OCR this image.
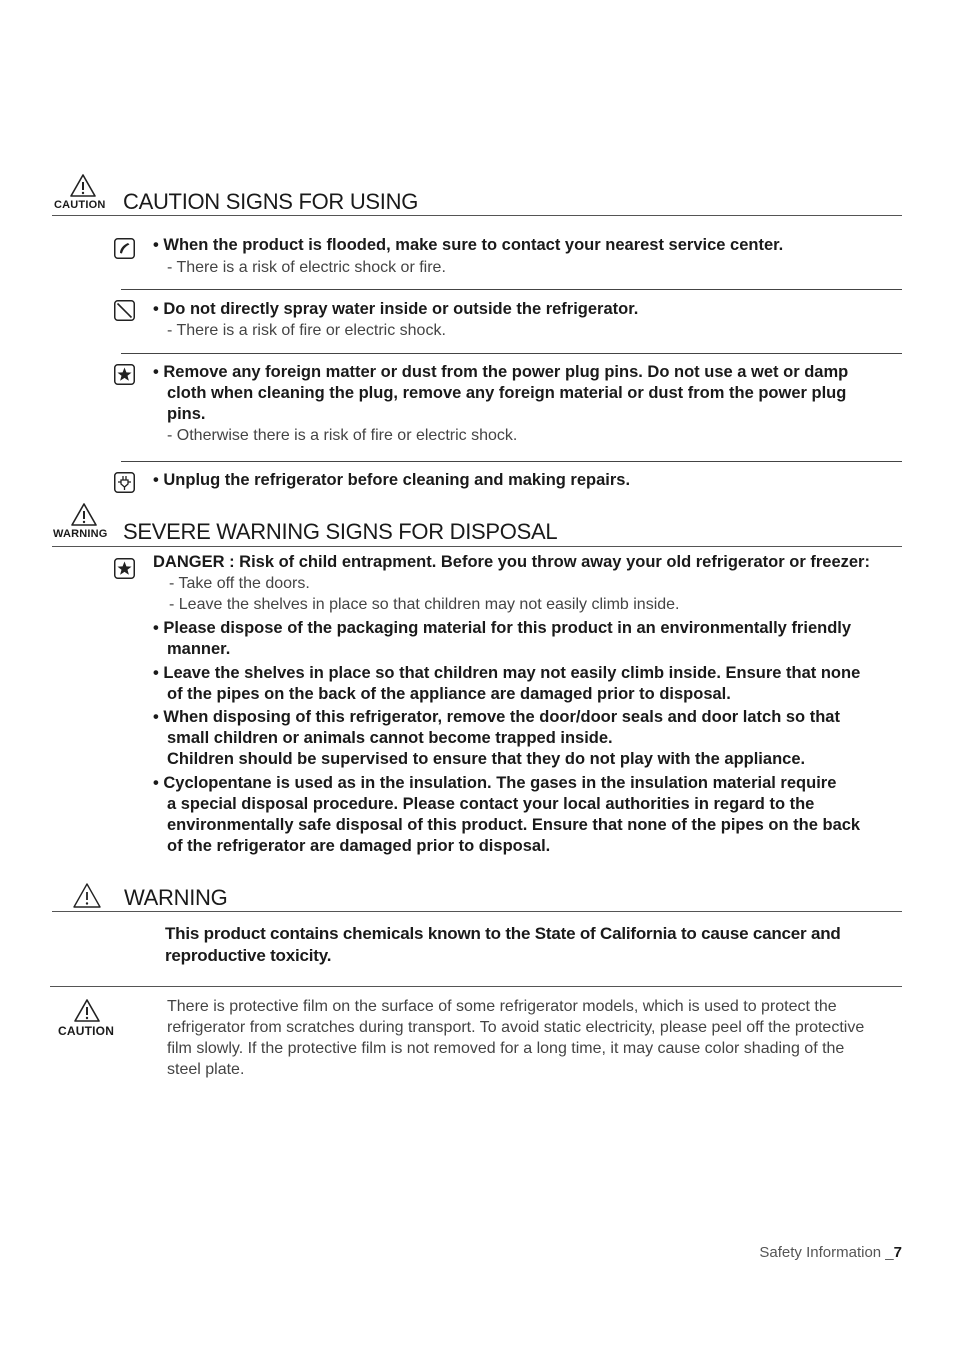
CAUTION CAUTION SIGNS FOR USING
• When the product is flooded, make sure to contact your nearest service center.
- There is a risk of electric shock or fire.
• Do not directly spray water inside or outside the refrigerator.
- There is a risk of fire or electric shock.
• Remove any foreign matter or dust from the power plug pins. Do not use a wet or damp
cloth when cleaning the plug, remove any foreign material or dust from the power plug
pins.
- Otherwise there is a risk of fire or electric shock.
• Unplug the refrigerator before cleaning and making repairs.
WARNING SEVERE WARNING SIGNS FOR DISPOSAL
DANGER : Risk of child entrapment. Before you throw away your old refrigerator or freezer:
- Take off the doors.
- Leave the shelves in place so that children may not easily climb inside.
• Please dispose of the packaging material for this product in an environmentally friendly
manner.
• Leave the shelves in place so that children may not easily climb inside. Ensure that none
of the pipes on the back of the appliance are damaged prior to disposal.
• When disposing of this refrigerator, remove the door/door seals and door latch so that
small children or animals cannot become trapped inside.
Children should be supervised to ensure that they do not play with the appliance.
• Cyclopentane is used as in the insulation. The gases in the insulation material require
a special disposal procedure. Please contact your local authorities in regard to the
environmentally safe disposal of this product. Ensure that none of the pipes on the back
of the refrigerator are damaged prior to disposal.
WARNING
This product contains chemicals known to the State of California to cause cancer and reproductive toxicity.
CAUTION
There is protective film on the surface of some refrigerator models, which is used to protect the refrigerator from scratches during transport. To avoid static electricity, please peel off the protective film slowly. If the protective film is not removed for a long time, it may cause color shading of the steel plate.
Safety Information _7
